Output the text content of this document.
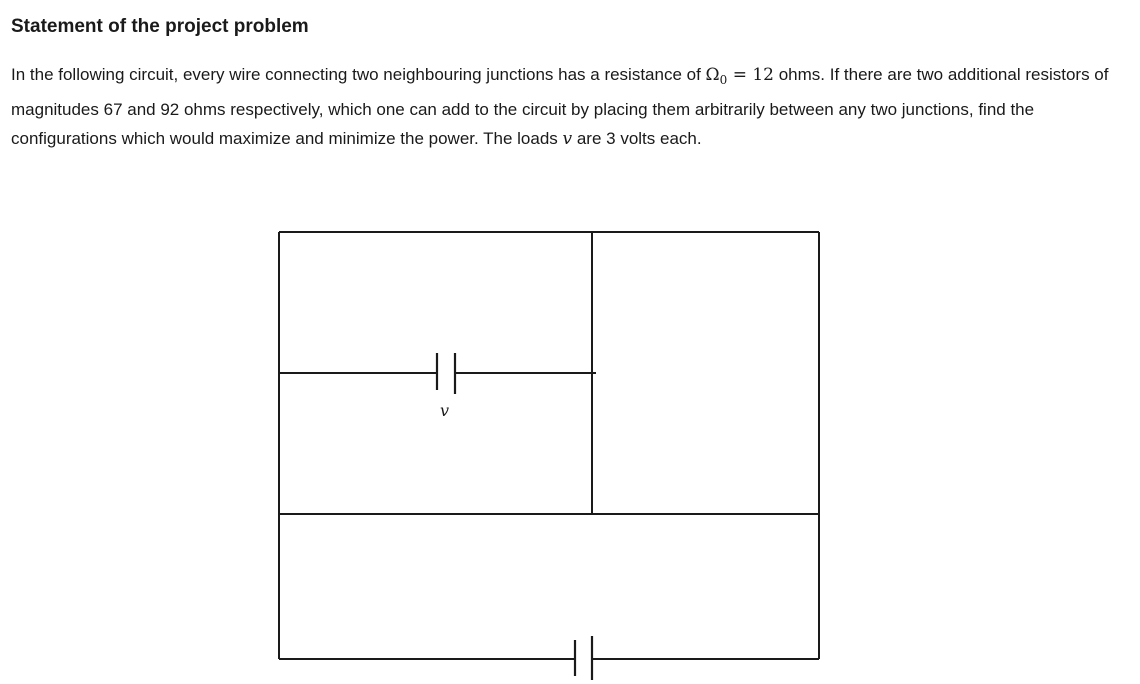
Statement of the project problem
In the following circuit, every wire connecting two neighbouring junctions has a resistance of $\Omega_0 = 12$ ohms. If there are two additional resistors of magnitudes 67 and 92 ohms respectively, which one can add to the circuit by placing them arbitrarily between any two junctions, find the configurations which would maximize and minimize the power. The loads v are 3 volts each.
v
